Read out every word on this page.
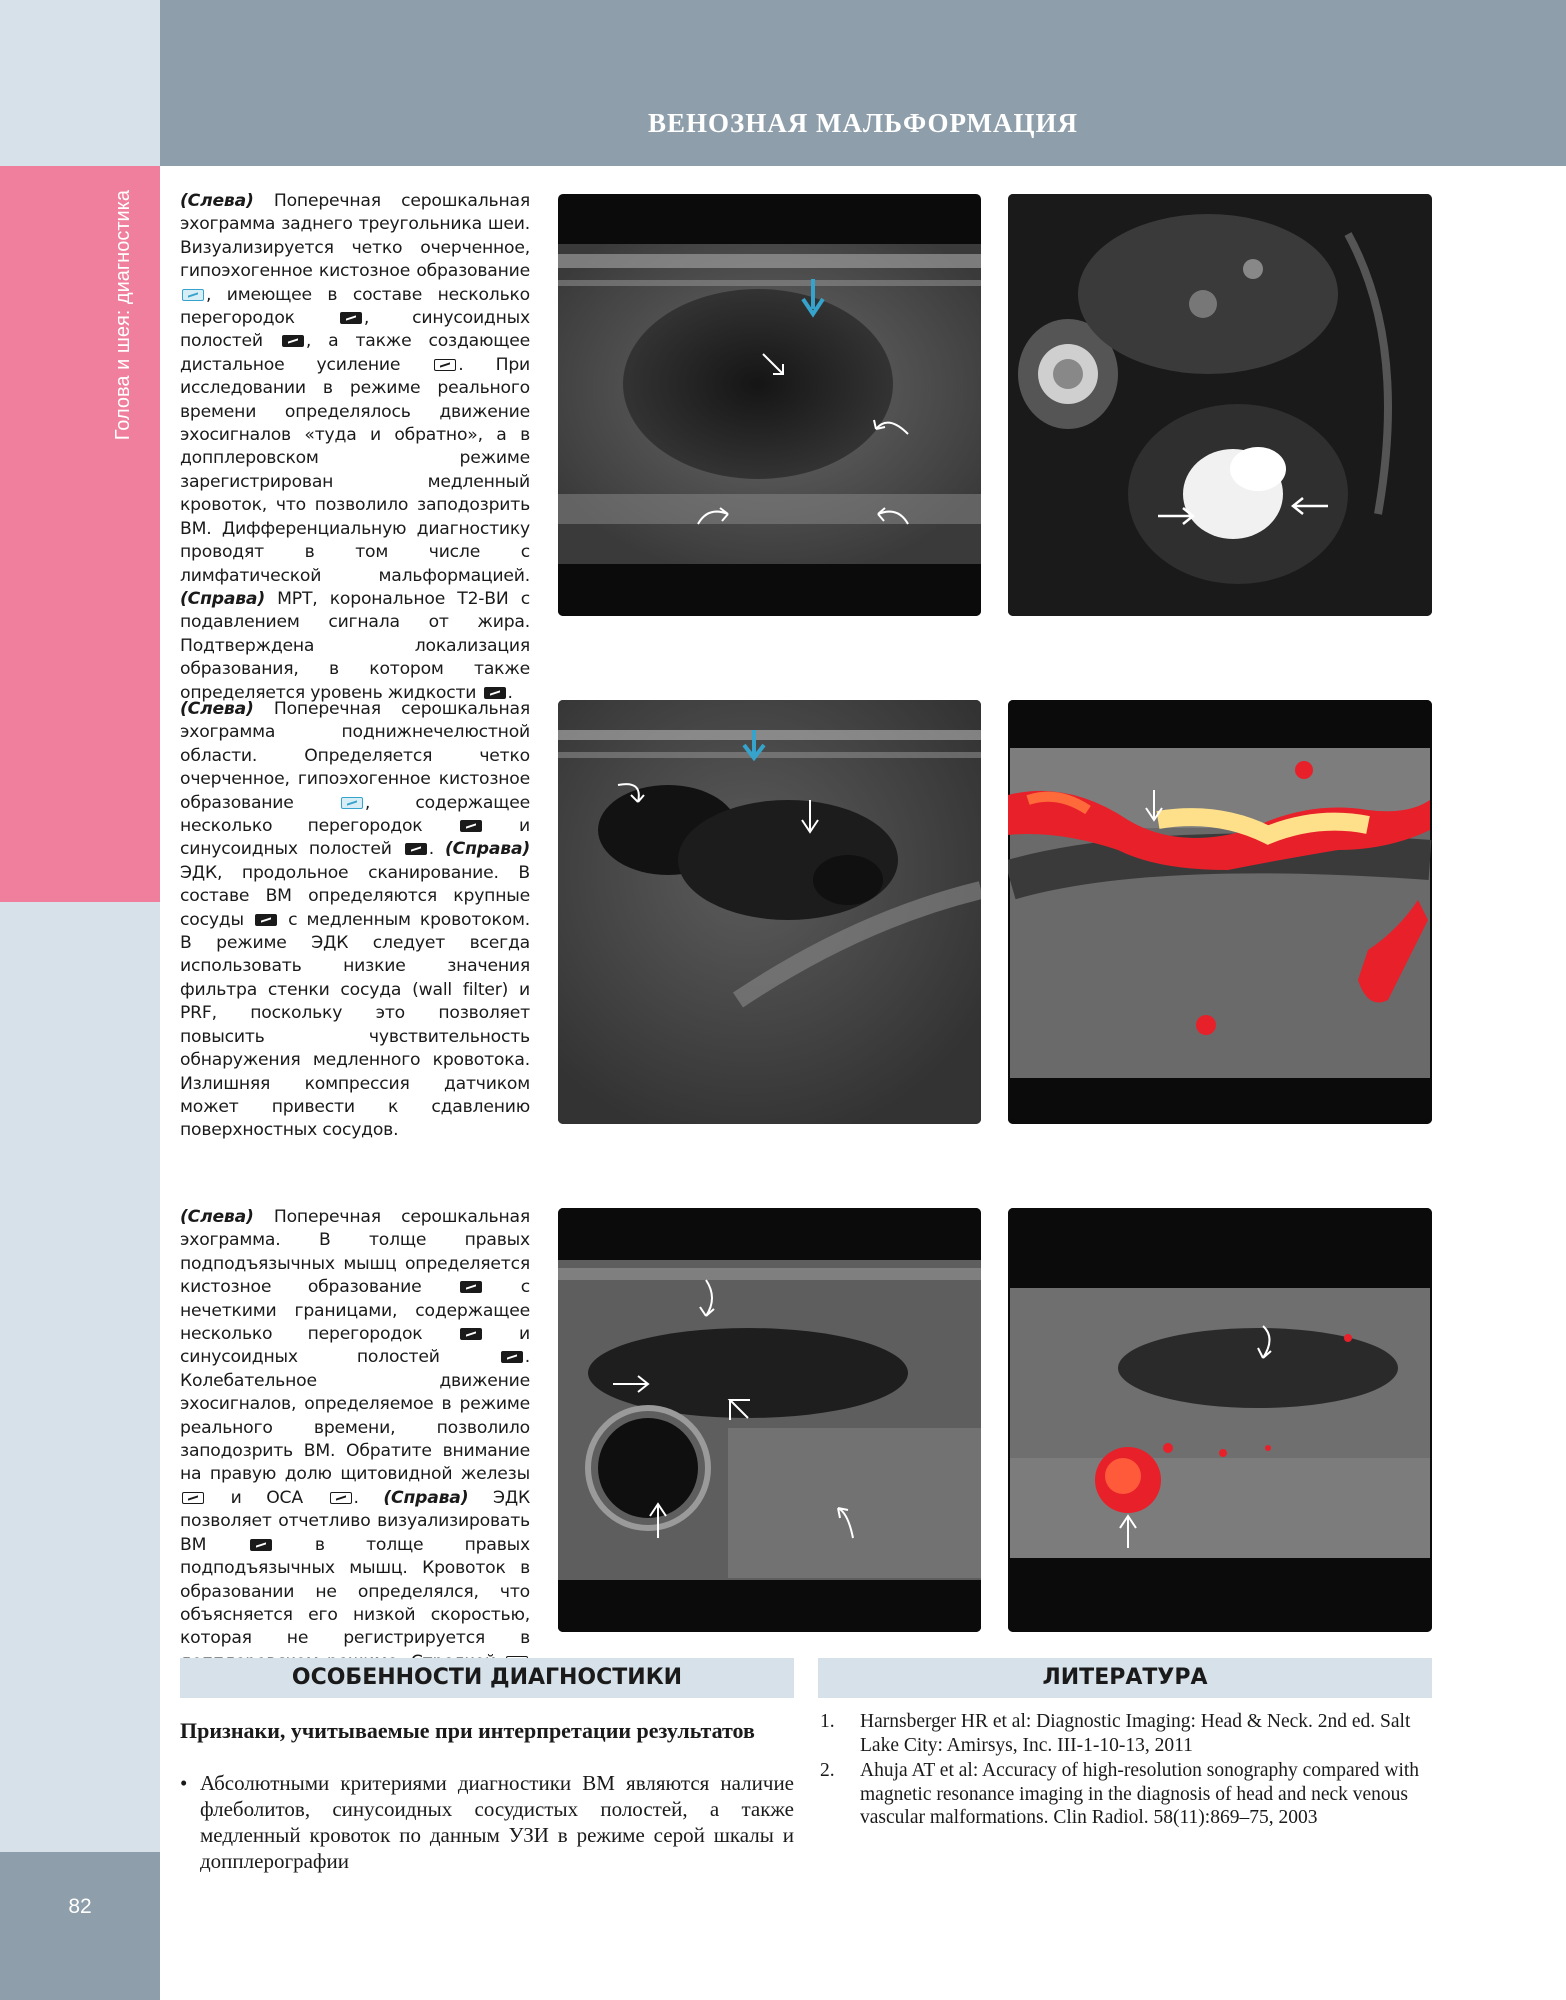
Голова и шея: диагностика
82
ВЕНОЗНАЯ МАЛЬФОРМАЦИЯ
(Слева) Поперечная серошкальная эхограмма заднего треугольника шеи. Визуализируется четко очерченное, гипоэхогенное кистозное образование , имеющее в составе несколько перегородок , синусоидных полостей , а также создающее дистальное усиление . При исследовании в режиме реального времени определялось движение эхосигналов «туда и обратно», а в допплеровском режиме зарегистрирован медленный кровоток, что позволило заподозрить ВМ. Дифференциальную диагностику проводят в том числе с лимфатической мальформацией. (Справа) МРТ, корональное Т2-ВИ с подавлением сигнала от жира. Подтверждена локализация образования, в котором также определяется уровень жидкости .
(Слева) Поперечная серошкальная эхограмма поднижнечелюстной области. Определяется четко очерченное, гипоэхогенное кистозное образование , содержащее несколько перегородок  и синусоидных полостей . (Справа) ЭДК, продольное сканирование. В составе ВМ определяются крупные сосуды  с медленным кровотоком. В режиме ЭДК следует всегда использовать низкие значения фильтра стенки сосуда (wall filter) и PRF, поскольку это позволяет повысить чувствительность обнаружения медленного кровотока. Излишняя компрессия датчиком может привести к сдавлению поверхностных сосудов.
(Слева) Поперечная серошкальная эхограмма. В толще правых подподъязычных мышц определяется кистозное образование  с нечеткими границами, содержащее несколько перегородок  и синусоидных полостей . Колебательное движение эхосигналов, определяемое в режиме реального времени, позволило заподозрить ВМ. Обратите внимание на правую долю щитовидной железы  и ОСА . (Справа) ЭДК позволяет отчетливо визуализировать ВМ	в толще правых подподъязычных мышц. Кровоток в образовании не определялся, что объясняется его низкой скоростью, которая не регистрируется в
ОСОБЕННОСТИ ДИАГНОСТИКИ
Признаки, учитываемые при интерпретации результатов
• Абсолютными критериями диагностики ВМ являются наличие флеболитов, синусоидных сосудистых полостей, а также медленный кровоток по данным УЗИ в режиме серой шкалы и допплерографии
ЛИТЕРАТУРА
1. Harnsberger HR et al: Diagnostic Imaging: Head & Neck. 2nd ed. Salt Lake City: Amirsys, Inc. III-1-10-13, 2011
2. Ahuja AT et al: Accuracy of high-resolution sonography compared with magnetic resonance imaging in the diagnosis of head and neck venous vascular malformations. Clin Radiol. 58(11):869–75, 2003
